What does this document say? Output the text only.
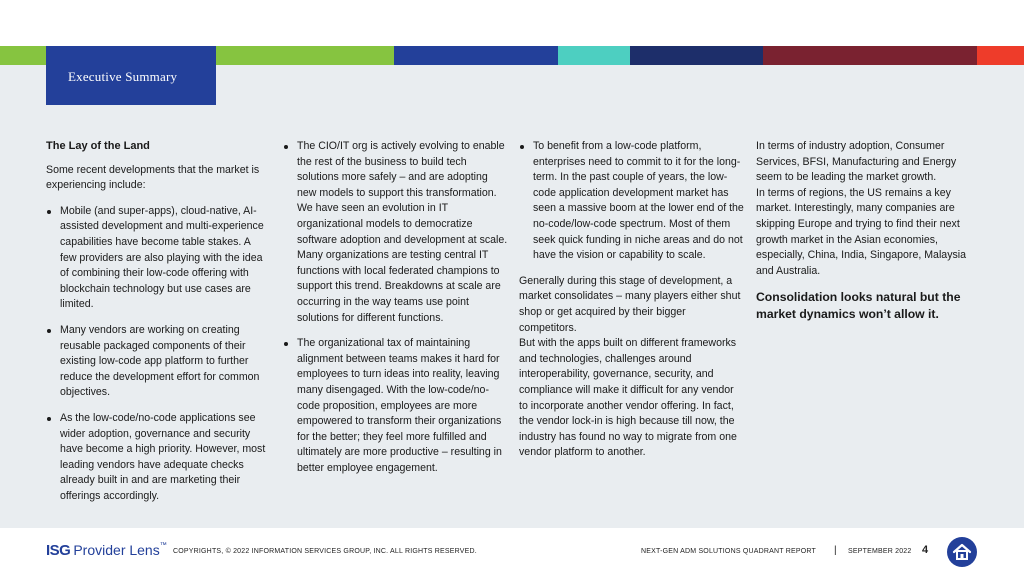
Executive Summary

The Lay of the Land

Some recent developments that the market is experiencing include:

Mobile (and super-apps), cloud-native, AI-assisted development and multi-experience capabilities have become table stakes. A few providers are also playing with the idea of combining their low-code offering with blockchain technology but use cases are limited.
Many vendors are working on creating reusable packaged components of their existing low-code app platform to further reduce the development effort for common objectives.
As the low-code/no-code applications see wider adoption, governance and security have become a high priority. However, most leading vendors have adequate checks already built in and are marketing their offerings accordingly.
The CIO/IT org is actively evolving to enable the rest of the business to build tech solutions more safely – and are adopting new models to support this transformation. We have seen an evolution in IT organizational models to democratize software adoption and development at scale. Many organizations are testing central IT functions with local federated champions to support this trend. Breakdowns at scale are occurring in the way teams use point solutions for different functions.
The organizational tax of maintaining alignment between teams makes it hard for employees to turn ideas into reality, leaving many disengaged. With the low-code/no-code proposition, employees are more empowered to transform their organizations for the better; they feel more fulfilled and ultimately are more productive – resulting in better employee engagement.
To benefit from a low-code platform, enterprises need to commit to it for the long-term. In the past couple of years, the low-code application development market has seen a massive boom at the lower end of the no-code/low-code spectrum. Most of them seek quick funding in niche areas and do not have the vision or capability to scale.

Generally during this stage of development, a market consolidates – many players either shut shop or get acquired by their bigger competitors.

But with the apps built on different frameworks and technologies, challenges around interoperability, governance, security, and compliance will make it difficult for any vendor to incorporate another vendor offering. In fact, the vendor lock-in is high because till now, the industry has found no way to migrate from one vendor platform to another.

In terms of industry adoption, Consumer Services, BFSI, Manufacturing and Energy seem to be leading the market growth.

In terms of regions, the US remains a key market. Interestingly, many companies are skipping Europe and trying to find their next growth market in the Asian economies, especially, China, India, Singapore, Malaysia and Australia.

Consolidation looks natural but the market dynamics won’t allow it.

ISG Provider Lens ™
COPYRIGHTS, © 2022 INFORMATION SERVICES GROUP, INC. ALL RIGHTS RESERVED.	NEXT-GEN ADM SOLUTIONS QUADRANT REPORT | SEPTEMBER 2022 4
